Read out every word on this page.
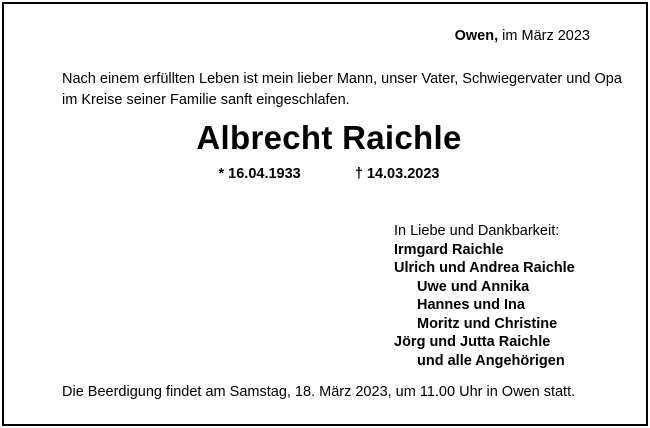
Owen, im März 2023
Nach einem erfüllten Leben ist mein lieber Mann, unser Vater, Schwiegervater und Opa
im Kreise seiner Familie sanft eingeschlafen.
Albrecht Raichle
* 16.04.1933	† 14.03.2023
In Liebe und Dankbarkeit:
Irmgard Raichle
Ulrich und Andrea Raichle
Uwe und Annika
Hannes und Ina
Moritz und Christine
Jörg und Jutta Raichle
und alle Angehörigen
Die Beerdigung findet am Samstag, 18. März 2023, um 11.00 Uhr in Owen statt.
